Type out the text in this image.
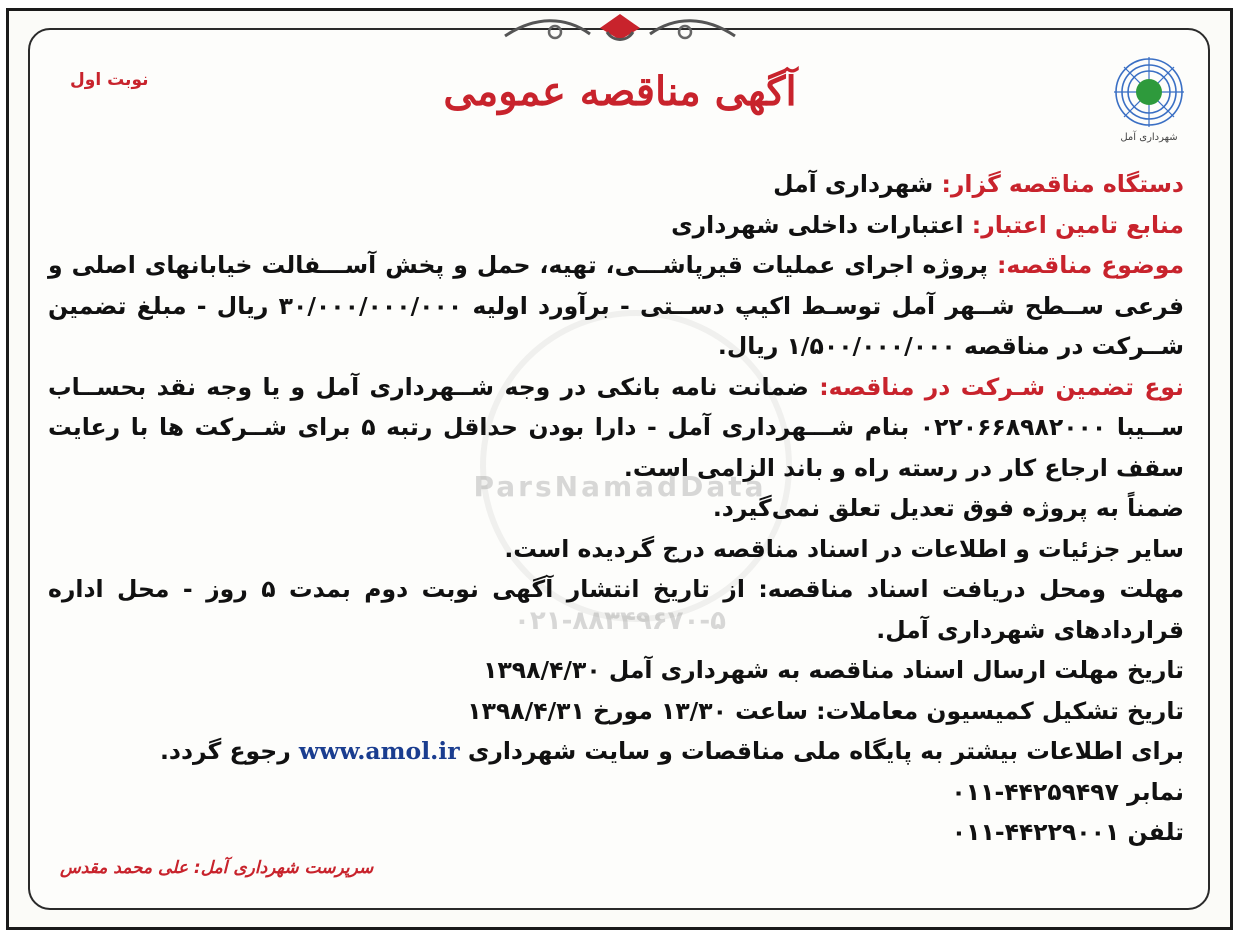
شهرداری آمل
نوبت اول	آگهی مناقصه عمومی
ParsNamadData
۰۲۱-۸۸۳۴۹۶۷۰-۵

دستگاه مناقصه گزار: شهرداری آمل

منابع تامین اعتبار: اعتبارات داخلی شهرداری

موضوع مناقصه: پروژه اجرای عملیات قیرپاشـــی، تهیه، حمل و پخش آســـفالت خیابانهای اصلی و فرعی ســطح شــهر آمل توسـط اکیپ دســتی - برآورد اولیه ۳۰/۰۰۰/۰۰۰/۰۰۰ ریال - مبلغ تضمین شــرکت در مناقصه ۱/۵۰۰/۰۰۰/۰۰۰ ریال.

نوع تضمین شـرکت در مناقصه: ضمانت نامه بانکی در وجه شــهرداری آمل و یا وجه نقد بحســاب ســیبا ۰۲۲۰۶۶۸۹۸۲۰۰۰ بنام شـــهرداری آمل - دارا بودن حداقل رتبه ۵ برای شــرکت ها با رعایت سقف ارجاع کار در رسته راه و باند الزامی است.

ضمناً به پروژه فوق تعدیل تعلق نمی‌گیرد.

سایر جزئیات و اطلاعات در اسناد مناقصه درج گردیده است.

مهلت ومحل دریافت اسناد مناقصه: از تاریخ انتشار آگهی نوبت دوم بمدت ۵ روز - محل اداره قراردادهای شهرداری آمل.

تاریخ مهلت ارسال اسناد مناقصه به شهرداری آمل ۱۳۹۸/۴/۳۰

تاریخ تشکیل کمیسیون معاملات: ساعت ۱۳/۳۰ مورخ ۱۳۹۸/۴/۳۱

برای اطلاعات بیشتر به پایگاه ملی مناقصات و سایت شهرداری www.amol.ir رجوع گردد.

نمابر ۰۱۱-۴۴۲۵۹۴۹۷

تلفن ۰۱۱-۴۴۲۲۹۰۰۱

سرپرست شهرداری آمل: علی محمد مقدس
